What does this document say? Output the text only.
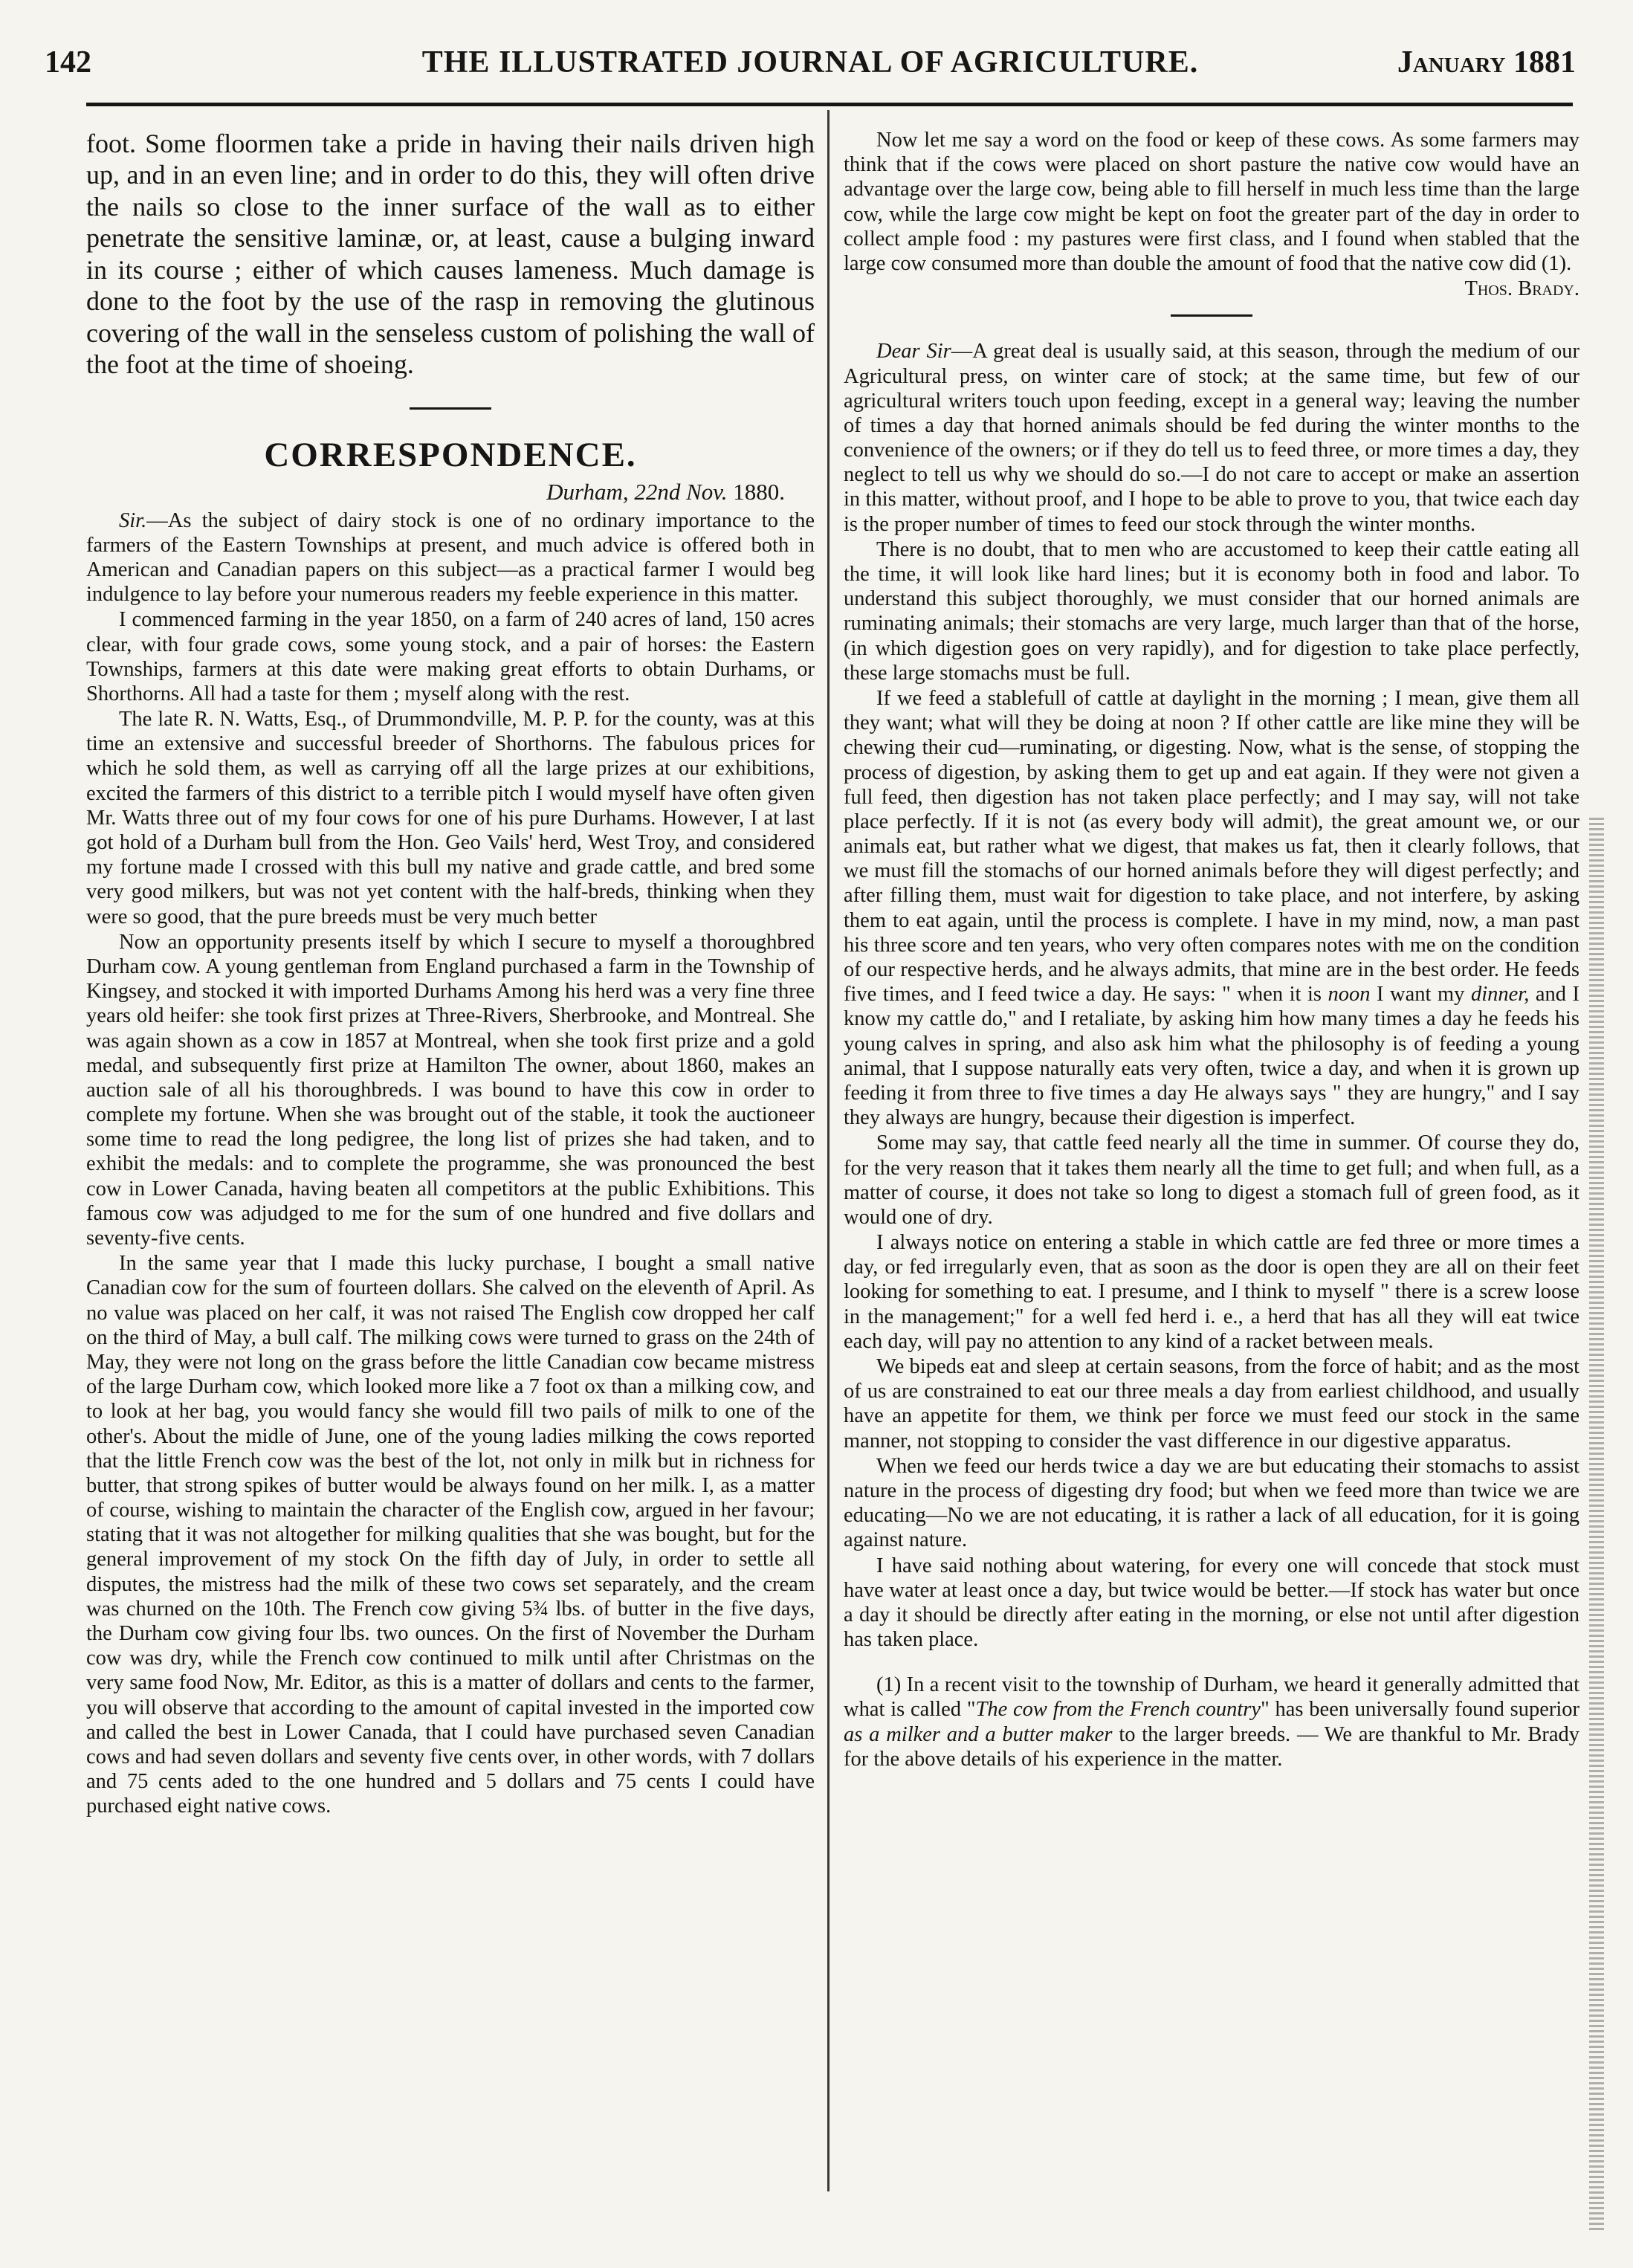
142	THE ILLUSTRATED JOURNAL OF AGRICULTURE.	January 1881

foot. Some floormen take a pride in having their nails driven high up, and in an even line; and in order to do this, they will often drive the nails so close to the inner surface of the wall as to either penetrate the sensitive laminæ, or, at least, cause a bulging inward in its course ; either of which causes lameness. Much damage is done to the foot by the use of the rasp in removing the glutinous covering of the wall in the senseless custom of polishing the wall of the foot at the time of shoeing.

CORRESPONDENCE.
Durham, 22nd Nov. 1880.

Sir.—As the subject of dairy stock is one of no ordinary importance to the farmers of the Eastern Townships at present, and much advice is offered both in American and Canadian papers on this subject—as a practical farmer I would beg indulgence to lay before your numerous readers my feeble experience in this matter.

I commenced farming in the year 1850, on a farm of 240 acres of land, 150 acres clear, with four grade cows, some young stock, and a pair of horses: the Eastern Townships, farmers at this date were making great efforts to obtain Durhams, or Shorthorns. All had a taste for them ; myself along with the rest.

The late R. N. Watts, Esq., of Drummondville, M. P. P. for the county, was at this time an extensive and successful breeder of Shorthorns. The fabulous prices for which he sold them, as well as carrying off all the large prizes at our exhibitions, excited the farmers of this district to a terrible pitch I would myself have often given Mr. Watts three out of my four cows for one of his pure Durhams. However, I at last got hold of a Durham bull from the Hon. Geo Vails' herd, West Troy, and considered my fortune made I crossed with this bull my native and grade cattle, and bred some very good milkers, but was not yet content with the half-breds, thinking when they were so good, that the pure breeds must be very much better

Now an opportunity presents itself by which I secure to myself a thoroughbred Durham cow. A young gentleman from England purchased a farm in the Township of Kingsey, and stocked it with imported Durhams Among his herd was a very fine three years old heifer: she took first prizes at Three-Rivers, Sherbrooke, and Montreal. She was again shown as a cow in 1857 at Montreal, when she took first prize and a gold medal, and subsequently first prize at Hamilton The owner, about 1860, makes an auction sale of all his thoroughbreds. I was bound to have this cow in order to complete my fortune. When she was brought out of the stable, it took the auctioneer some time to read the long pedigree, the long list of prizes she had taken, and to exhibit the medals: and to complete the programme, she was pronounced the best cow in Lower Canada, having beaten all competitors at the public Exhibitions. This famous cow was adjudged to me for the sum of one hundred and five dollars and seventy-five cents.

In the same year that I made this lucky purchase, I bought a small native Canadian cow for the sum of fourteen dollars. She calved on the eleventh of April. As no value was placed on her calf, it was not raised The English cow dropped her calf on the third of May, a bull calf. The milking cows were turned to grass on the 24th of May, they were not long on the grass before the little Canadian cow became mistress of the large Durham cow, which looked more like a 7 foot ox than a milking cow, and to look at her bag, you would fancy she would fill two pails of milk to one of the other's. About the midle of June, one of the young ladies milking the cows reported that the little French cow was the best of the lot, not only in milk but in richness for butter, that strong spikes of butter would be always found on her milk. I, as a matter of course, wishing to maintain the character of the English cow, argued in her favour; stating that it was not altogether for milking qualities that she was bought, but for the general improvement of my stock On the fifth day of July, in order to settle all disputes, the mistress had the milk of these two cows set separately, and the cream was churned on the 10th. The French cow giving 5¾ lbs. of butter in the five days, the Durham cow giving four lbs. two ounces. On the first of November the Durham cow was dry, while the French cow continued to milk until after Christmas on the very same food Now, Mr. Editor, as this is a matter of dollars and cents to the farmer, you will observe that according to the amount of capital invested in the imported cow and called the best in Lower Canada, that I could have purchased seven Canadian cows and had seven dollars and seventy five cents over, in other words, with 7 dollars and 75 cents aded to the one hundred and 5 dollars and 75 cents I could have purchased eight native cows.

Now let me say a word on the food or keep of these cows. As some farmers may think that if the cows were placed on short pasture the native cow would have an advantage over the large cow, being able to fill herself in much less time than the large cow, while the large cow might be kept on foot the greater part of the day in order to collect ample food : my pastures were first class, and I found when stabled that the large cow consumed more than double the amount of food that the native cow did (1).

Thos. Brady.

Dear Sir—A great deal is usually said, at this season, through the medium of our Agricultural press, on winter care of stock; at the same time, but few of our agricultural writers touch upon feeding, except in a general way; leaving the number of times a day that horned animals should be fed during the winter months to the convenience of the owners; or if they do tell us to feed three, or more times a day, they neglect to tell us why we should do so.—I do not care to accept or make an assertion in this matter, without proof, and I hope to be able to prove to you, that twice each day is the proper number of times to feed our stock through the winter months.

There is no doubt, that to men who are accustomed to keep their cattle eating all the time, it will look like hard lines; but it is economy both in food and labor. To understand this subject thoroughly, we must consider that our horned animals are ruminating animals; their stomachs are very large, much larger than that of the horse, (in which digestion goes on very rapidly), and for digestion to take place perfectly, these large stomachs must be full.

If we feed a stablefull of cattle at daylight in the morning ; I mean, give them all they want; what will they be doing at noon ? If other cattle are like mine they will be chewing their cud—ruminating, or digesting. Now, what is the sense, of stopping the process of digestion, by asking them to get up and eat again. If they were not given a full feed, then digestion has not taken place perfectly; and I may say, will not take place perfectly. If it is not (as every body will admit), the great amount we, or our animals eat, but rather what we digest, that makes us fat, then it clearly follows, that we must fill the stomachs of our horned animals before they will digest perfectly; and after filling them, must wait for digestion to take place, and not interfere, by asking them to eat again, until the process is complete. I have in my mind, now, a man past his three score and ten years, who very often compares notes with me on the condition of our respective herds, and he always admits, that mine are in the best order. He feeds five times, and I feed twice a day. He says: " when it is noon I want my dinner, and I know my cattle do," and I retaliate, by asking him how many times a day he feeds his young calves in spring, and also ask him what the philosophy is of feeding a young animal, that I suppose naturally eats very often, twice a day, and when it is grown up feeding it from three to five times a day He always says " they are hungry," and I say they always are hungry, because their digestion is imperfect.

Some may say, that cattle feed nearly all the time in summer. Of course they do, for the very reason that it takes them nearly all the time to get full; and when full, as a matter of course, it does not take so long to digest a stomach full of green food, as it would one of dry.

I always notice on entering a stable in which cattle are fed three or more times a day, or fed irregularly even, that as soon as the door is open they are all on their feet looking for something to eat. I presume, and I think to myself " there is a screw loose in the management;" for a well fed herd i. e., a herd that has all they will eat twice each day, will pay no attention to any kind of a racket between meals.

We bipeds eat and sleep at certain seasons, from the force of habit; and as the most of us are constrained to eat our three meals a day from earliest childhood, and usually have an appetite for them, we think per force we must feed our stock in the same manner, not stopping to consider the vast difference in our digestive apparatus.

When we feed our herds twice a day we are but educating their stomachs to assist nature in the process of digesting dry food; but when we feed more than twice we are educating—No we are not educating, it is rather a lack of all education, for it is going against nature.

I have said nothing about watering, for every one will concede that stock must have water at least once a day, but twice would be better.—If stock has water but once a day it should be directly after eating in the morning, or else not until after digestion has taken place.

(1) In a recent visit to the township of Durham, we heard it generally admitted that what is called "The cow from the French country" has been universally found superior as a milker and a butter maker to the larger breeds. — We are thankful to Mr. Brady for the above details of his experience in the matter.
